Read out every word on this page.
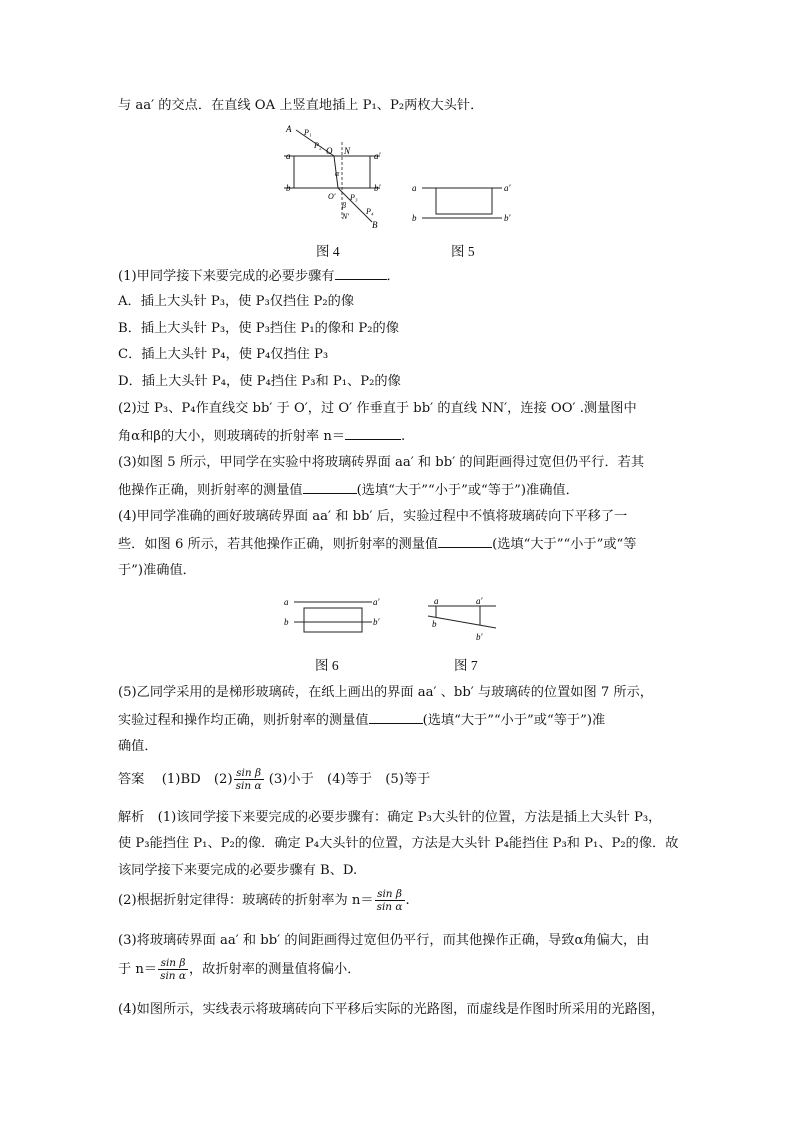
与 aa′ 的交点．在直线 OA 上竖直地插上 P₁、P₂两枚大头针．
A P₁
P₂
O N
a	a′
α
b	b′
O′
β
N′
P₃
P₄
B
图 4
a	a′
b	b′
图 5
(1)甲同学接下来要完成的必要步骤有	．
A．插上大头针 P₃，使 P₃仅挡住 P₂的像
B．插上大头针 P₃，使 P₃挡住 P₁的像和 P₂的像
C．插上大头针 P₄，使 P₄仅挡住 P₃
D．插上大头针 P₄，使 P₄挡住 P₃和 P₁、P₂的像
(2)过 P₃、P₄作直线交 bb′ 于 O′，过 O′ 作垂直于 bb′ 的直线 NN′，连接 OO′ .测量图中
角α和β的大小，则玻璃砖的折射率 n＝	.
(3)如图 5 所示，甲同学在实验中将玻璃砖界面 aa′ 和 bb′ 的间距画得过宽但仍平行．若其
他操作正确，则折射率的测量值	(选填“大于”“小于”或“等于”)准确值．
(4)甲同学准确的画好玻璃砖界面 aa′ 和 bb′ 后，实验过程中不慎将玻璃砖向下平移了一
些．如图 6 所示，若其他操作正确，则折射率的测量值	(选填“大于”“小于”或“等
于”)准确值．
a	a′
b	b′
图 6
a	a′
b
b′
图 7
(5)乙同学采用的是梯形玻璃砖，在纸上画出的界面 aa′ 、bb′ 与玻璃砖的位置如图 7 所示，
实验过程和操作均正确，则折射率的测量值	(选填“大于”“小于”或“等于”)准
确值．
答案　 (1)BD　 $(2) \frac{\text{sin β}}{\text{sin α}} (3)$小于　(4)等于　(5)等于
解析　 (1)该同学接下来要完成的必要步骤有：确定 P₃大头针的位置，方法是插上大头针 P₃，
使 P₃能挡住 P₁、P₂的像．确定 P₄大头针的位置，方法是大头针 P₄能挡住 P₃和 P₁、P₂的像．故
该同学接下来要完成的必要步骤有 B、D.
(2)根据折射定律得：玻璃砖的折射率为 $n= \frac{\text{sin β}}{\text{sin α}}$ .
(3)将玻璃砖界面 aa′ 和 bb′ 的间距画得过宽但仍平行，而其他操作正确，导致α角偏大，由
于 $n= \frac{\text{sin β}}{\text{sin α}}$ ，故折射率的测量值将偏小．
(4)如图所示，实线表示将玻璃砖向下平移后实际的光路图，而虚线是作图时所采用的光路图，
